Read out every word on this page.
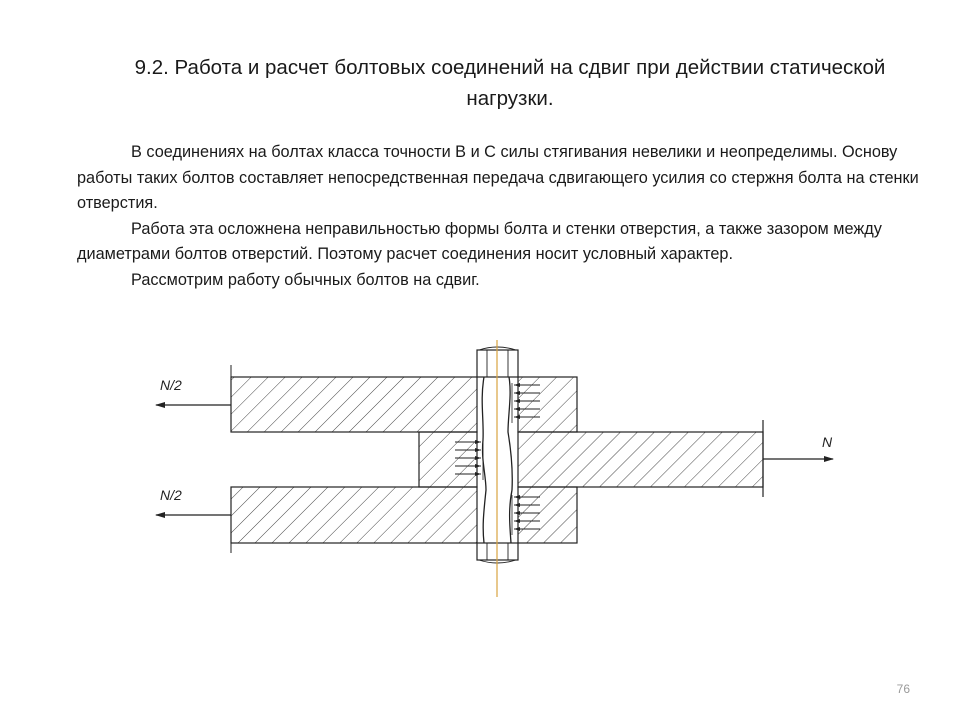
9.2. Работа и расчет болтовых соединений на сдвиг при действии статической нагрузки.

В соединениях на болтах класса точности В и С силы стягивания невелики и неопределимы. Основу работы таких болтов составляет непосредственная передача сдвигающего усилия со стержня болта на стенки отверстия.

Работа эта осложнена неправильностью формы болта и стенки отверстия, а также зазором между диаметрами болтов отверстий. Поэтому расчет соединения носит условный характер.

Рассмотрим работу обычных болтов на сдвиг.

N/2
N/2
N
76
